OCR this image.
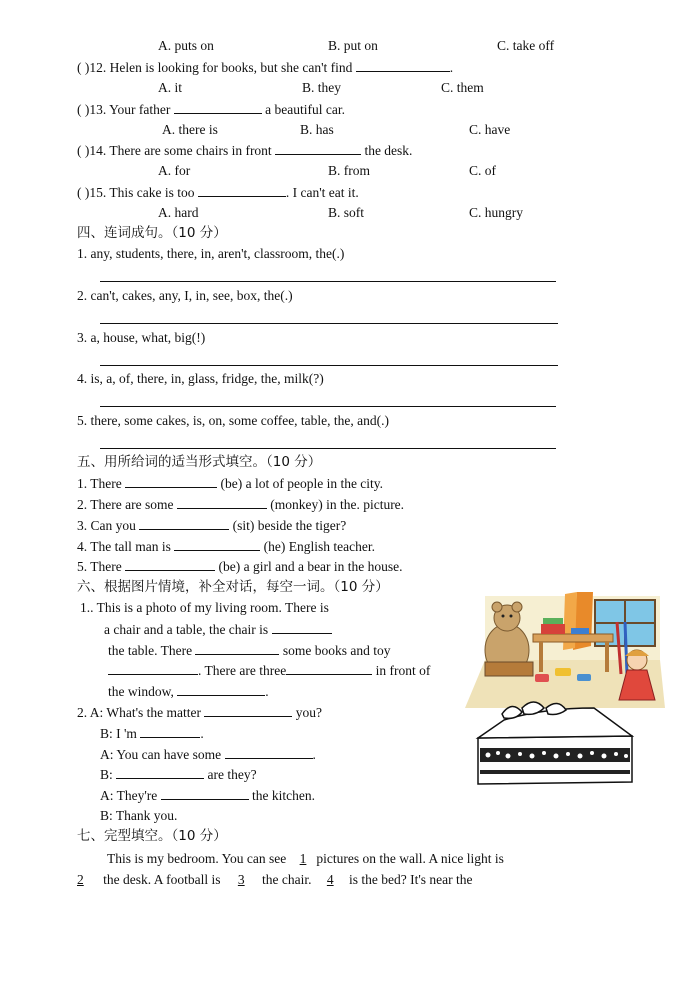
A. puts on	B. put on	C. take off
( )12. Helen is looking for books, but she can't find	.
A. it	B. they	C. them
( )13. Your father	a beautiful car.
A. there is	B. has	C. have
( )14. There are some chairs in front	the desk.
A. for	B. from	C. of
( )15. This cake is too	. I can't eat it.
A. hard	B. soft	C. hungry
四、连词成句。（10 分）
1. any, students, there, in, aren't, classroom, the(.)
2. can't, cakes, any, I, in, see, box, the(.)
3. a, house, what, big(!)
4. is, a, of, there, in, glass, fridge, the, milk(?)
5. there, some cakes, is, on, some coffee, table, the, and(.)
五、用所给词的适当形式填空。（10 分）
1. There	(be) a lot of people in the city.
2. There are some	(monkey) in the. picture.
3. Can you	(sit) beside the tiger?
4. The tall man is	(he) English teacher.
5. There	(be) a girl and a bear in the house.
六、根据图片情境，补全对话，每空一词。（10 分）
1.. This is a photo of my living room. There is
a chair and a table, the chair is
the table. There	some books and toy
. There are three	in front of
the window,	.
2. A: What's the matter	you?
B: I 'm	.
A: You can have some	.
B:	are they?
A: They're	the kitchen.
B: Thank you.
七、完型填空。（10 分）
This is my bedroom. You can see 1 pictures on the wall. A nice light is
2 the desk. A football is 3 the chair. 4 is the bed? It's near the
